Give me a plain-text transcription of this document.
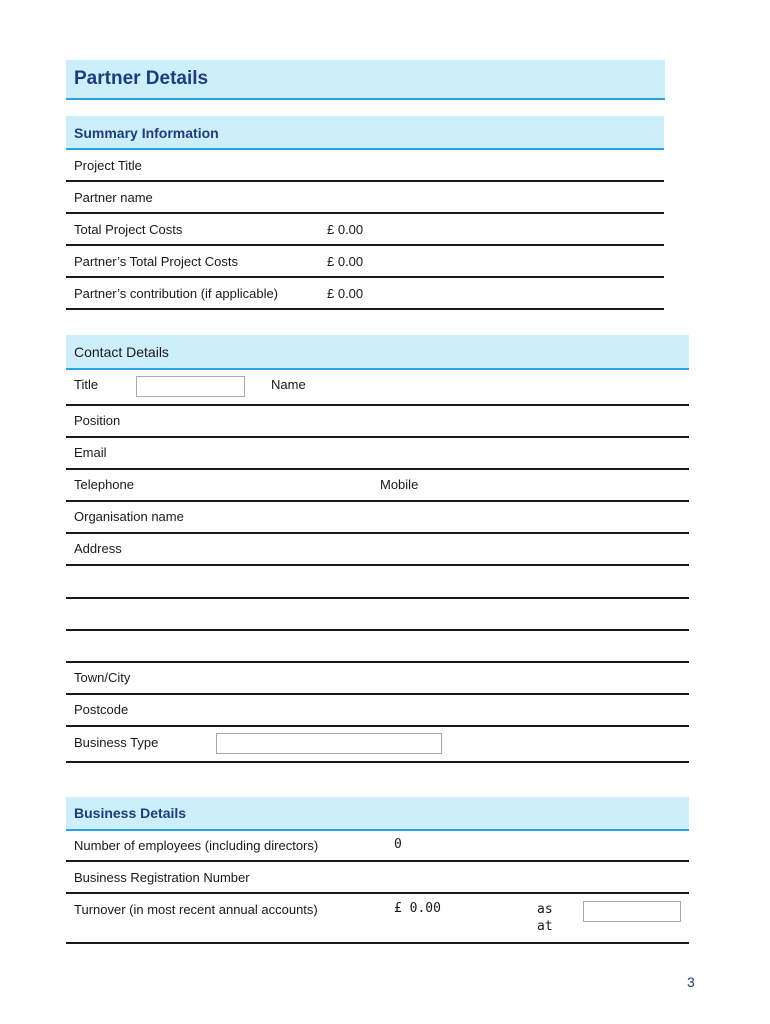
Partner Details
Summary Information
Project Title
Partner name
Total Project Costs	£ 0.00
Partner’s Total Project Costs	£ 0.00
Partner’s contribution (if applicable)	£ 0.00
Contact Details
Title	Name
Position
Email
Telephone	Mobile
Organisation name
Address
Town/City
Postcode
Business Type
Business Details
Number of employees (including directors)	0
Business Registration Number
Turnover (in most recent annual accounts)	£ 0.00	as
at
3
